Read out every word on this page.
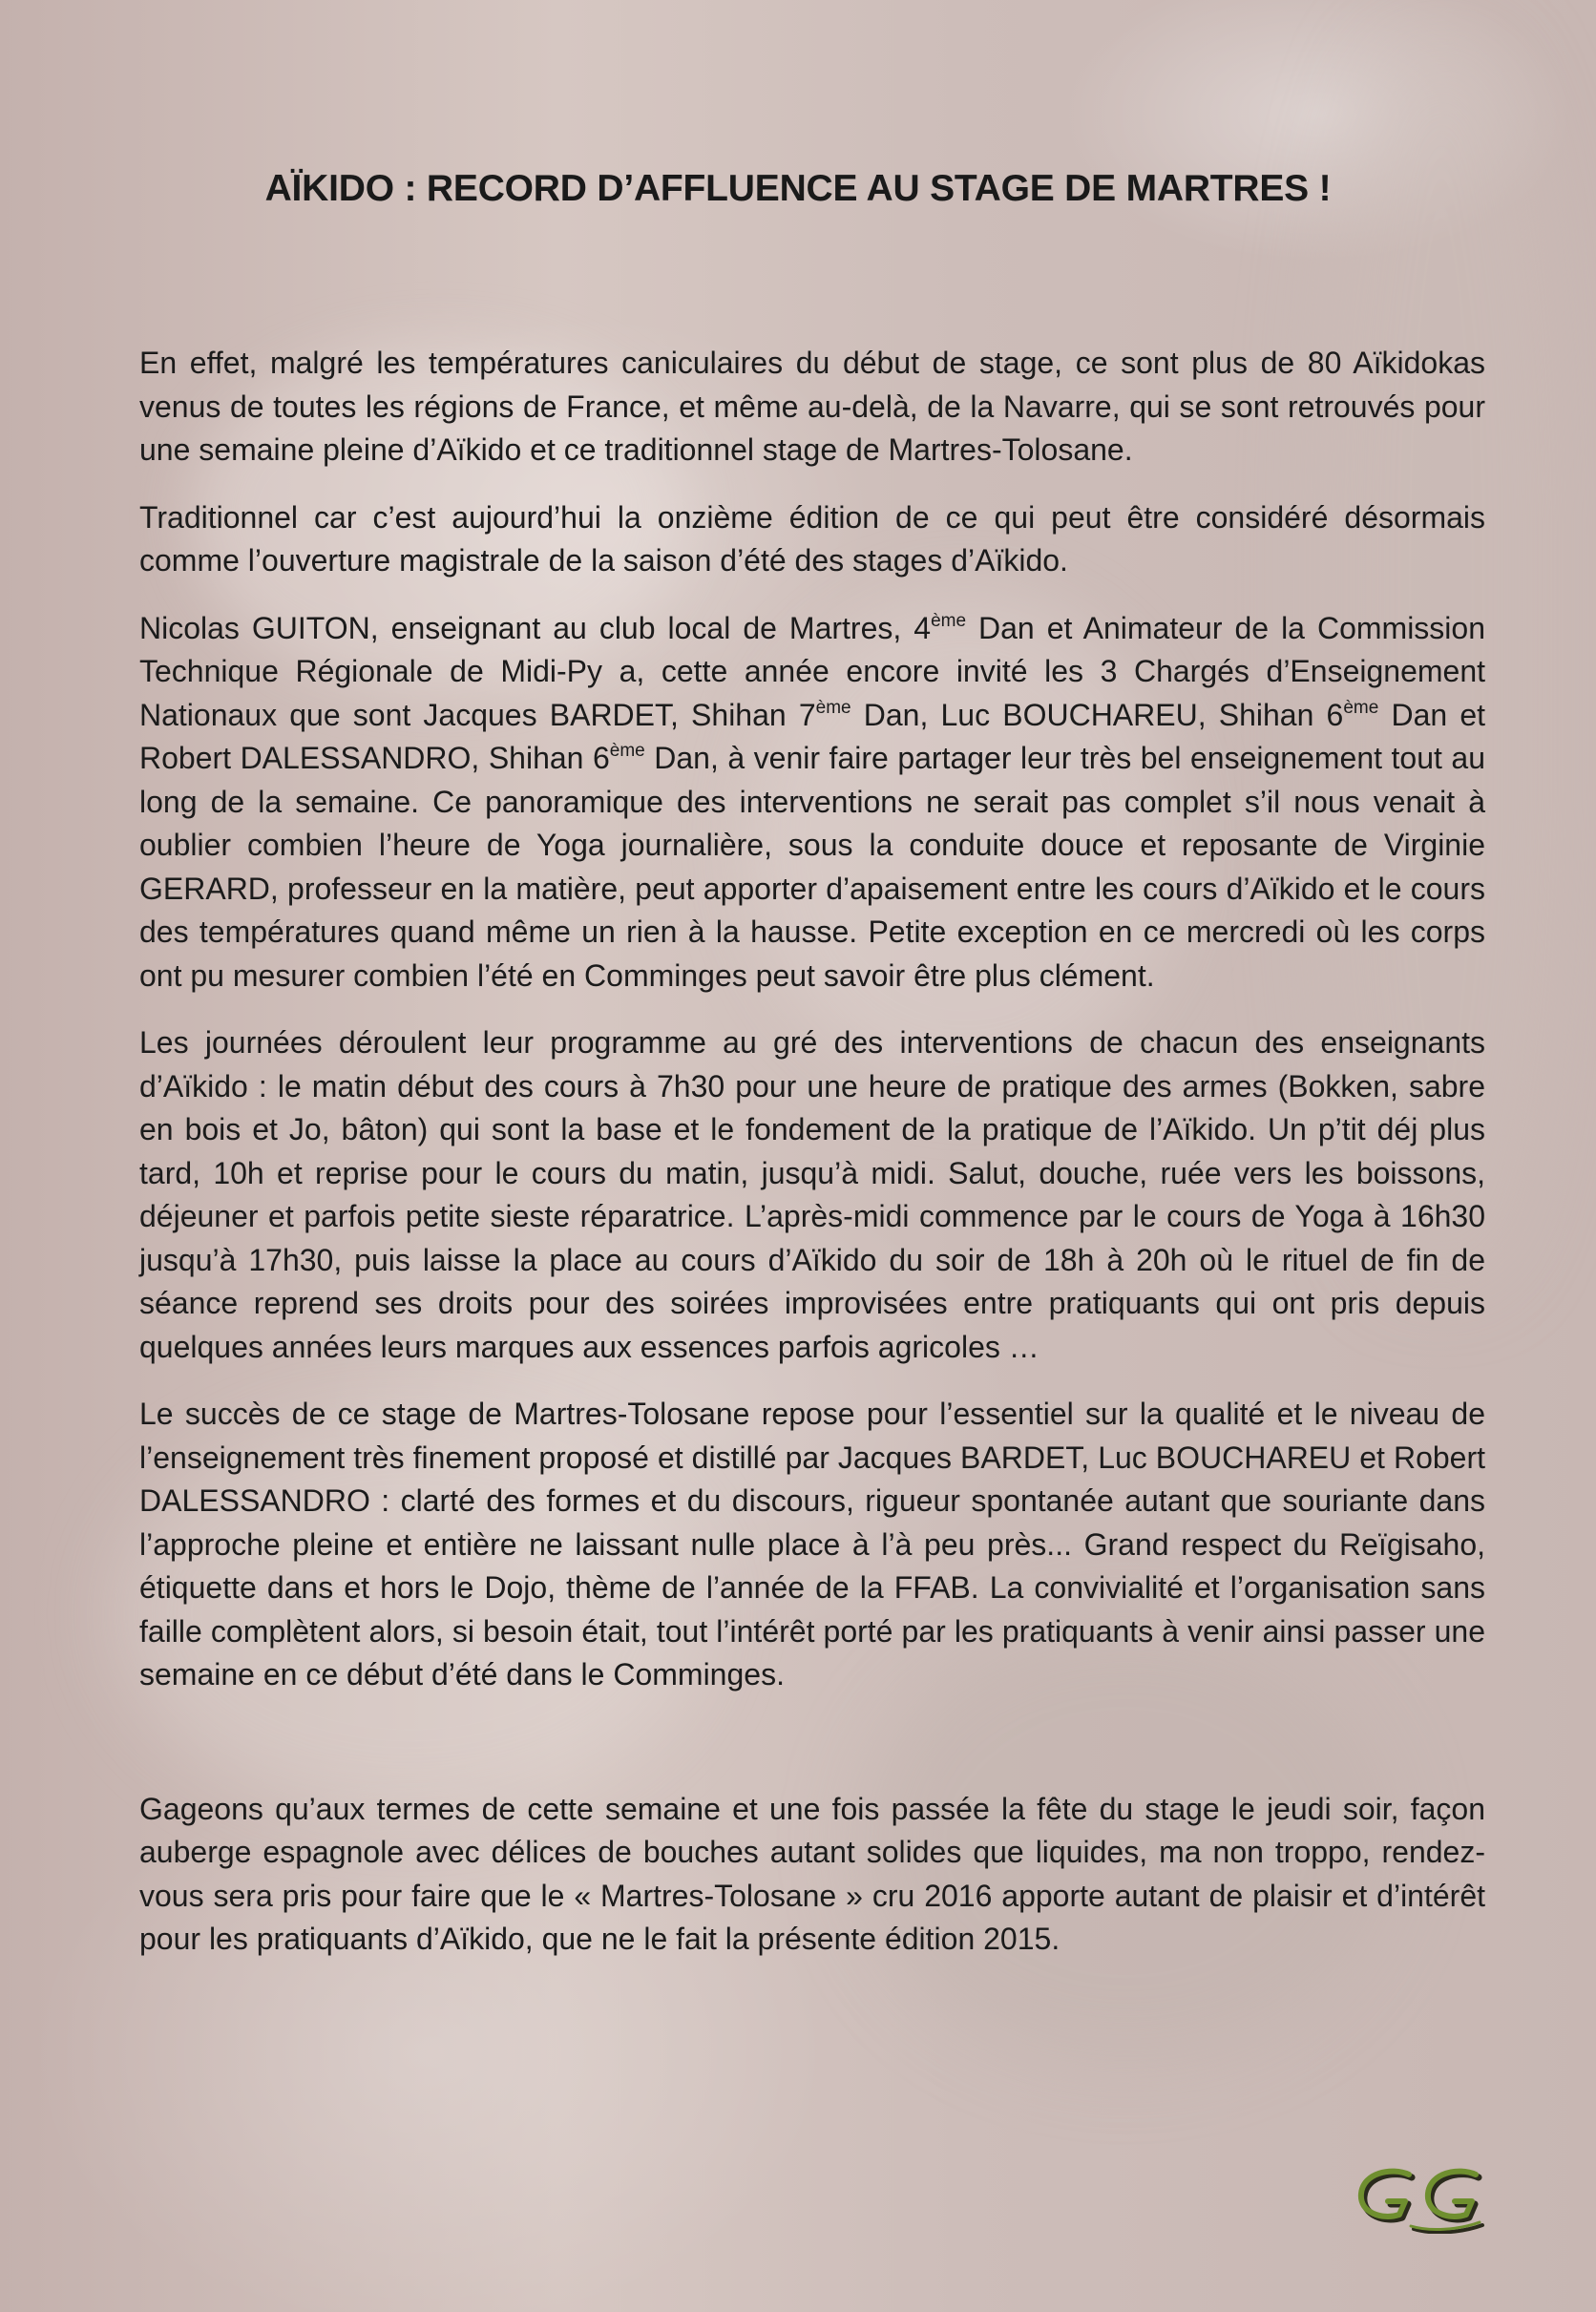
AÏKIDO : RECORD D’AFFLUENCE AU STAGE DE MARTRES !

En effet, malgré les températures caniculaires du début de stage, ce sont plus de 80 Aïkidokas venus de toutes les régions de France, et même au-delà, de la Navarre, qui se sont retrouvés pour une semaine pleine d’Aïkido et ce traditionnel stage de Martres-Tolosane.

Traditionnel car c’est aujourd’hui la onzième édition de ce qui peut être considéré désormais comme l’ouverture magistrale de la saison d’été des stages d’Aïkido.

Nicolas GUITON, enseignant au club local de Martres, 4ème Dan et Animateur de la Commission Technique Régionale de Midi-Py a, cette année encore invité les 3 Chargés d’Enseignement Nationaux que sont Jacques BARDET, Shihan 7ème Dan, Luc BOUCHAREU, Shihan 6ème Dan et Robert DALESSANDRO, Shihan 6ème Dan, à venir faire partager leur très bel enseignement tout au long de la semaine. Ce panoramique des interventions ne serait pas complet s’il nous venait à oublier combien l’heure de Yoga journalière, sous la conduite douce et reposante de Virginie GERARD, professeur en la matière, peut apporter d’apaisement entre les cours d’Aïkido et le cours des températures quand même un rien à la hausse. Petite exception en ce mercredi où les corps ont pu mesurer combien l’été en Comminges peut savoir être plus clément.

Les journées déroulent leur programme au gré des interventions de chacun des enseignants d’Aïkido : le matin début des cours à 7h30 pour une heure de pratique des armes (Bokken, sabre en bois et Jo, bâton) qui sont la base et le fondement de la pratique de l’Aïkido. Un p’tit déj plus tard, 10h et reprise pour le cours du matin, jusqu’à midi. Salut, douche, ruée vers les boissons, déjeuner et parfois petite sieste réparatrice. L’après-midi commence par le cours de Yoga à 16h30 jusqu’à 17h30, puis laisse la place au cours d’Aïkido du soir de 18h à 20h où le rituel de fin de séance reprend ses droits pour des soirées improvisées entre pratiquants qui ont pris depuis quelques années leurs marques aux essences parfois agricoles …

Le succès de ce stage de Martres-Tolosane repose pour l’essentiel sur la qualité et le niveau de l’enseignement très finement proposé et distillé par Jacques BARDET, Luc BOUCHAREU et Robert DALESSANDRO : clarté des formes et du discours, rigueur spontanée autant que souriante dans l’approche pleine et entière ne laissant nulle place à l’à peu près... Grand respect du Reïgisaho, étiquette dans et hors le Dojo, thème de l’année de la FFAB. La convivialité et l’organisation sans faille complètent alors, si besoin était, tout l’intérêt porté par les pratiquants à venir ainsi passer une semaine en ce début d’été dans le Comminges.

Gageons qu’aux termes de cette semaine et une fois passée la fête du stage le jeudi soir, façon auberge espagnole avec délices de bouches autant solides que liquides, ma non troppo, rendez-vous sera pris pour faire que le « Martres-Tolosane » cru 2016 apporte autant de plaisir et d’intérêt pour les pratiquants d’Aïkido, que ne le fait la présente édition 2015.
